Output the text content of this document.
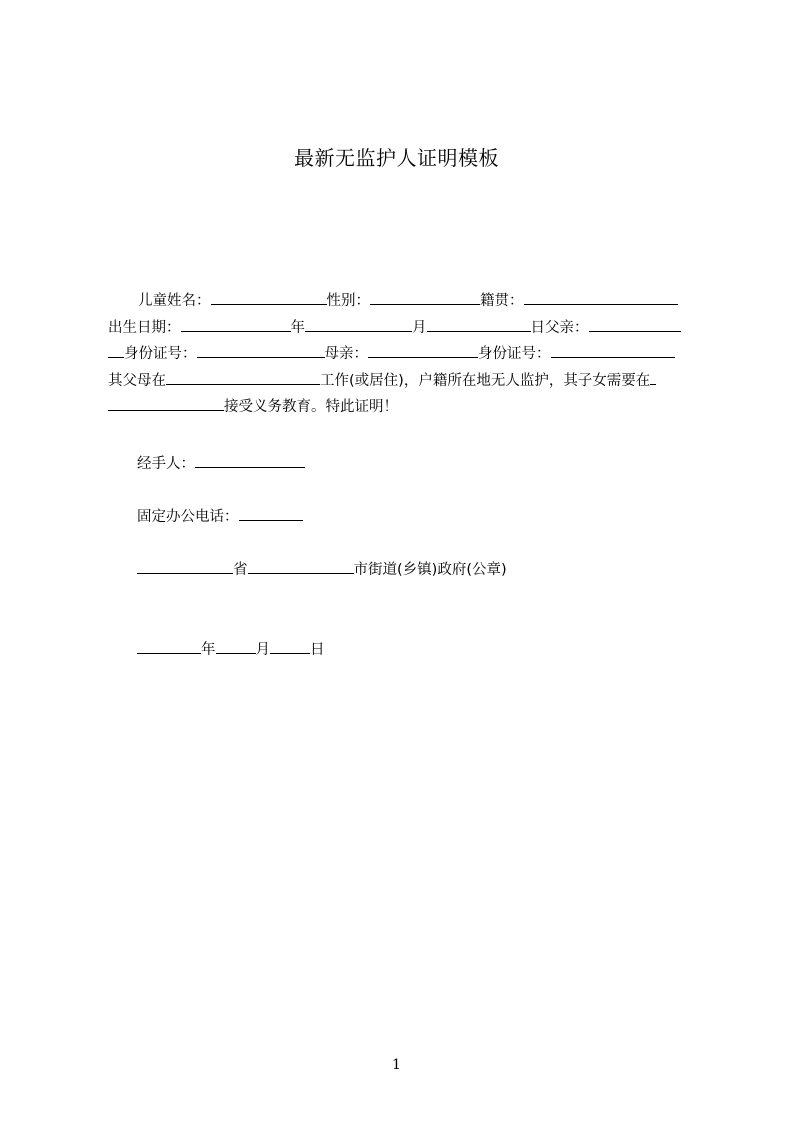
最新无监护人证明模板
儿童姓名：	性别：	籍贯：
出生日期：	年	月	日父亲：
身份证号：	母亲：	身份证号：
其父母在	工作(或居住)，户籍所在地无人监护，其子女需要在
接受义务教育。特此证明！
经手人：
固定办公电话：
省	市街道(乡镇)政府(公章)
年	月	日
1
